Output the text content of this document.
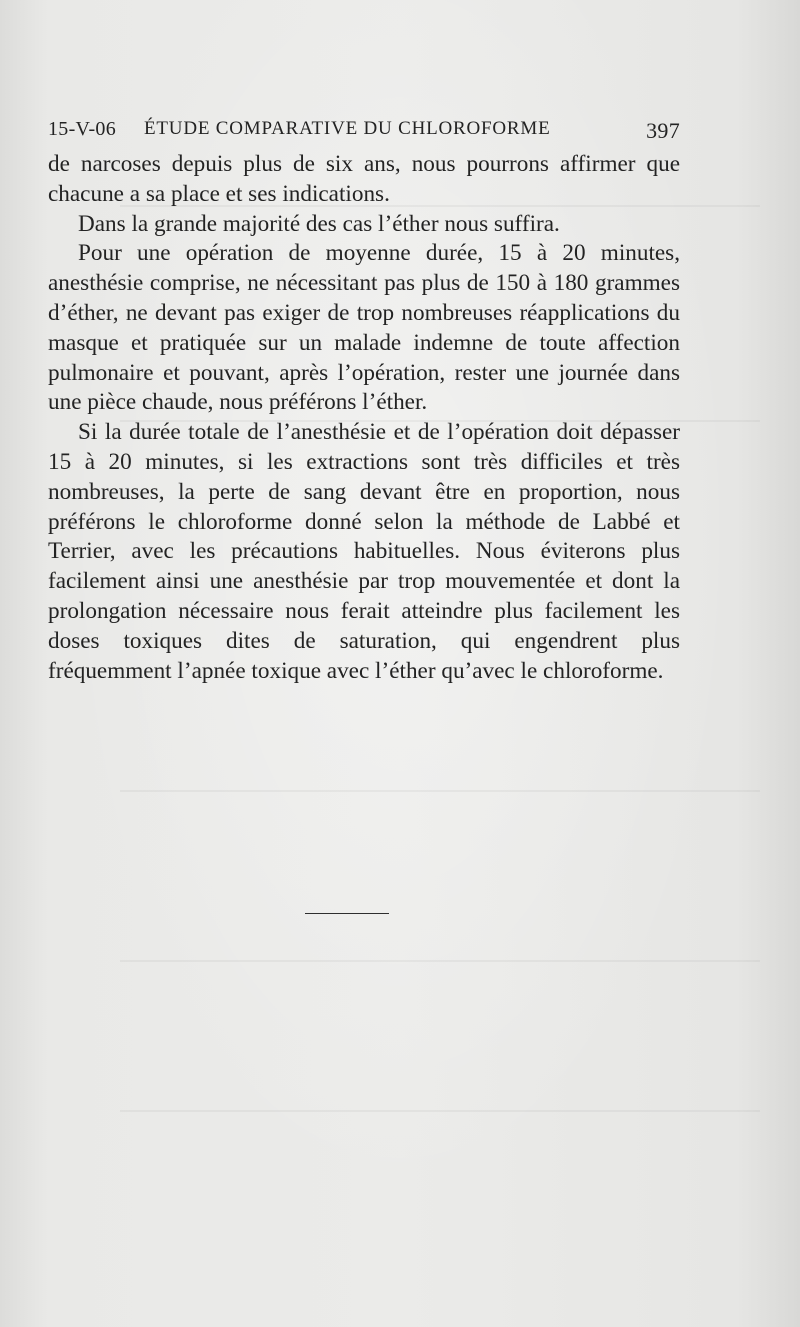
15-V-06 ÉTUDE COMPARATIVE DU CHLOROFORME	397

de narcoses depuis plus de six ans, nous pourrons affirmer que chacune a sa place et ses indications.

Dans la grande majorité des cas l’éther nous suffira.

Pour une opération de moyenne durée, 15 à 20 minutes, anesthésie comprise, ne nécessitant pas plus de 150 à 180 grammes d’éther, ne devant pas exiger de trop nombreuses réapplications du masque et pratiquée sur un malade indemne de toute affection pulmonaire et pouvant, après l’opération, rester une journée dans une pièce chaude, nous préférons l’éther.

Si la durée totale de l’anesthésie et de l’opération doit dépasser 15 à 20 minutes, si les extractions sont très difficiles et très nombreuses, la perte de sang devant être en proportion, nous préférons le chloroforme donné selon la méthode de Labbé et Terrier, avec les précautions habituelles. Nous éviterons plus facilement ainsi une anesthésie par trop mouvementée et dont la prolongation nécessaire nous ferait atteindre plus facilement les doses toxiques dites de saturation, qui engendrent plus fréquemment l’apnée toxique avec l’éther qu’avec le chloroforme.
